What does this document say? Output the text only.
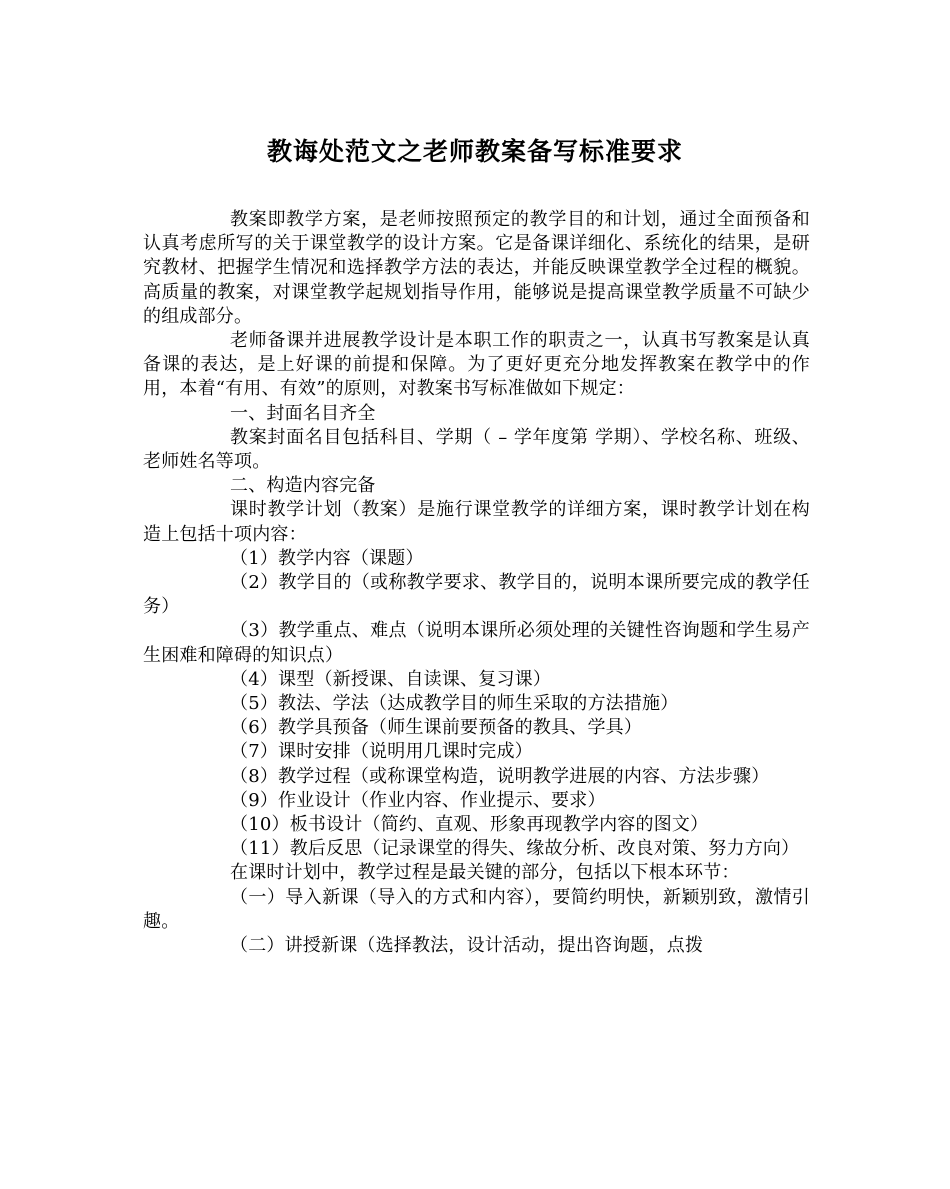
教诲处范文之老师教案备写标准要求

教案即教学方案，是老师按照预定的教学目的和计划，通过全面预备和认真考虑所写的关于课堂教学的设计方案。它是备课详细化、系统化的结果，是研究教材、把握学生情况和选择教学方法的表达，并能反映课堂教学全过程的概貌。高质量的教案，对课堂教学起规划指导作用，能够说是提高课堂教学质量不可缺少的组成部分。

老师备课并进展教学设计是本职工作的职责之一，认真书写教案是认真备课的表达，是上好课的前提和保障。为了更好更充分地发挥教案在教学中的作用，本着“有用、有效”的原则，对教案书写标准做如下规定：

一、封面名目齐全

教案封面名目包括科目、学期（ – 学年度第 学期）、学校名称、班级、老师姓名等项。

二、构造内容完备

课时教学计划（教案）是施行课堂教学的详细方案，课时教学计划在构造上包括十项内容：

（1）教学内容（课题）

（2）教学目的（或称教学要求、教学目的，说明本课所要完成的教学任务）

（3）教学重点、难点（说明本课所必须处理的关键性咨询题和学生易产生困难和障碍的知识点）

（4）课型（新授课、自读课、复习课）

（5）教法、学法（达成教学目的师生采取的方法措施）

（6）教学具预备（师生课前要预备的教具、学具）

（7）课时安排（说明用几课时完成）

（8）教学过程（或称课堂构造，说明教学进展的内容、方法步骤）

（9）作业设计（作业内容、作业提示、要求）

（10）板书设计（简约、直观、形象再现教学内容的图文）

（11）教后反思（记录课堂的得失、缘故分析、改良对策、努力方向）

在课时计划中，教学过程是最关键的部分，包括以下根本环节：

（一）导入新课（导入的方式和内容），要简约明快，新颖别致，激情引趣。

（二）讲授新课（选择教法，设计活动，提出咨询题，点拨
